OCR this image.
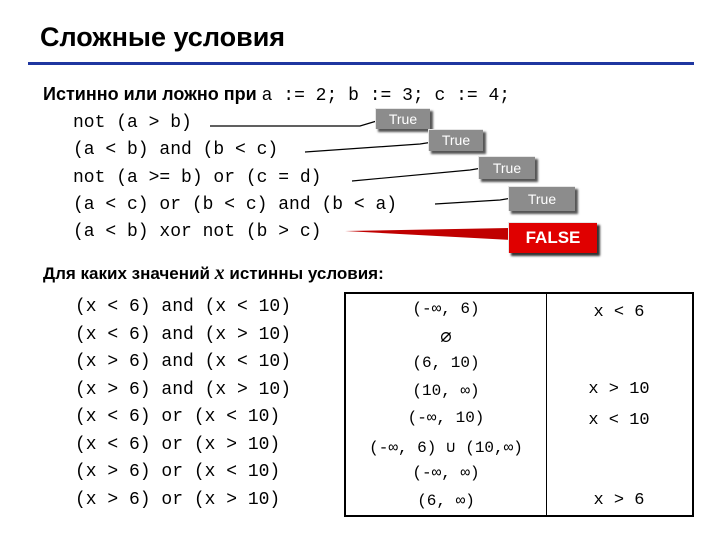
Сложные условия
Истинно или ложно при a := 2; b := 3; c := 4;
not (a > b)
(a < b) and (b < c)
not (a >= b) or (c = d)
(a < c) or (b < c) and (b < a)
(a < b) xor not (b > c)
True
True
True
True
FALSE
Для каких значений x истинны условия:
(x < 6) and (x < 10)
(x < 6) and (x > 10)
(x > 6) and (x < 10)
(x > 6) and (x > 10)
(x < 6) or (x < 10)
(x < 6) or (x > 10)
(x > 6) or (x < 10)
(x > 6) or (x > 10)
(-∞, 6)
∅
(6, 10)
(10, ∞)
(-∞, 10)
(-∞, 6) ∪ (10,∞)
(-∞, ∞)
(6, ∞)
x < 6
x > 10
x < 10
x > 6
